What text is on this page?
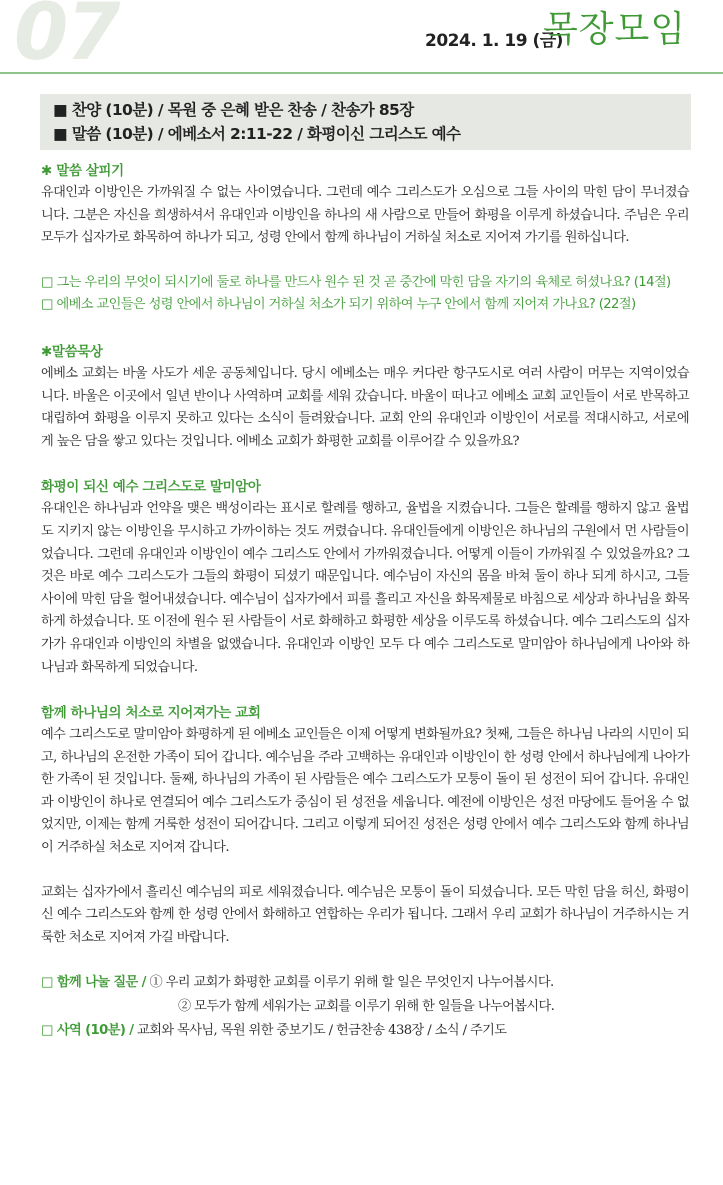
07	2024. 1. 19 (금)
목장모임
■ 찬양 (10분) / 목원 중 은혜 받은 찬송 / 찬송가 85장
■ 말씀 (10분) / 에베소서 2:11-22 / 화평이신 그리스도 예수

✱ 말씀 살피기

유대인과 이방인은 가까워질 수 없는 사이였습니다. 그런데 예수 그리스도가 오심으로 그들 사이의 막힌 담이 무너졌습니다. 그분은 자신을 희생하셔서 유대인과 이방인을 하나의 새 사람으로 만들어 화평을 이루게 하셨습니다. 주님은 우리 모두가 십자가로 화목하여 하나가 되고, 성령 안에서 함께 하나님이 거하실 처소로 지어져 가기를 원하십니다.

□ 그는 우리의 무엇이 되시기에 둘로 하나를 만드사 원수 된 것 곧 중간에 막힌 담을 자기의 육체로 허셨나요? (14절)

□ 에베소 교인들은 성령 안에서 하나님이 거하실 처소가 되기 위하여 누구 안에서 함께 지어져 가나요? (22절)

✱말씀묵상

에베소 교회는 바울 사도가 세운 공동체입니다. 당시 에베소는 매우 커다란 항구도시로 여러 사람이 머무는 지역이었습니다. 바울은 이곳에서 일년 반이나 사역하며 교회를 세워 갔습니다. 바울이 떠나고 에베소 교회 교인들이 서로 반목하고 대립하여 화평을 이루지 못하고 있다는 소식이 들려왔습니다. 교회 안의 유대인과 이방인이 서로를 적대시하고, 서로에게 높은 담을 쌓고 있다는 것입니다. 에베소 교회가 화평한 교회를 이루어갈 수 있을까요?

화평이 되신 예수 그리스도로 말미암아

유대인은 하나님과 언약을 맺은 백성이라는 표시로 할례를 행하고, 율법을 지켰습니다. 그들은 할례를 행하지 않고 율법도 지키지 않는 이방인을 무시하고 가까이하는 것도 꺼렸습니다. 유대인들에게 이방인은 하나님의 구원에서 먼 사람들이었습니다. 그런데 유대인과 이방인이 예수 그리스도 안에서 가까워졌습니다. 어떻게 이들이 가까워질 수 있었을까요? 그것은 바로 예수 그리스도가 그들의 화평이 되셨기 때문입니다. 예수님이 자신의 몸을 바쳐 둘이 하나 되게 하시고, 그들 사이에 막힌 담을 헐어내셨습니다. 예수님이 십자가에서 피를 흘리고 자신을 화목제물로 바침으로 세상과 하나님을 화목하게 하셨습니다. 또 이전에 원수 된 사람들이 서로 화해하고 화평한 세상을 이루도록 하셨습니다. 예수 그리스도의 십자가가 유대인과 이방인의 차별을 없앴습니다. 유대인과 이방인 모두 다 예수 그리스도로 말미암아 하나님에게 나아와 하나님과 화목하게 되었습니다.

함께 하나님의 처소로 지어져가는 교회

예수 그리스도로 말미암아 화평하게 된 에베소 교인들은 이제 어떻게 변화될까요? 첫째, 그들은 하나님 나라의 시민이 되고, 하나님의 온전한 가족이 되어 갑니다. 예수님을 주라 고백하는 유대인과 이방인이 한 성령 안에서 하나님에게 나아가 한 가족이 된 것입니다. 둘째, 하나님의 가족이 된 사람들은 예수 그리스도가 모퉁이 돌이 된 성전이 되어 갑니다. 유대인과 이방인이 하나로 연결되어 예수 그리스도가 중심이 된 성전을 세웁니다. 예전에 이방인은 성전 마당에도 들어올 수 없었지만, 이제는 함께 거룩한 성전이 되어갑니다. 그리고 이렇게 되어진 성전은 성령 안에서 예수 그리스도와 함께 하나님이 거주하실 처소로 지어져 갑니다.

교회는 십자가에서 흘리신 예수님의 피로 세워졌습니다. 예수님은 모퉁이 돌이 되셨습니다. 모든 막힌 담을 허신, 화평이신 예수 그리스도와 함께 한 성령 안에서 화해하고 연합하는 우리가 됩니다. 그래서 우리 교회가 하나님이 거주하시는 거룩한 처소로 지어져 가길 바랍니다.

□ 함께 나눌 질문 / ① 우리 교회가 화평한 교회를 이루기 위해 할 일은 무엇인지 나누어봅시다.

② 모두가 함께 세워가는 교회를 이루기 위해 한 일들을 나누어봅시다.

□ 사역 (10분) / 교회와 목사님, 목원 위한 중보기도 / 헌금찬송 438장 / 소식 / 주기도
